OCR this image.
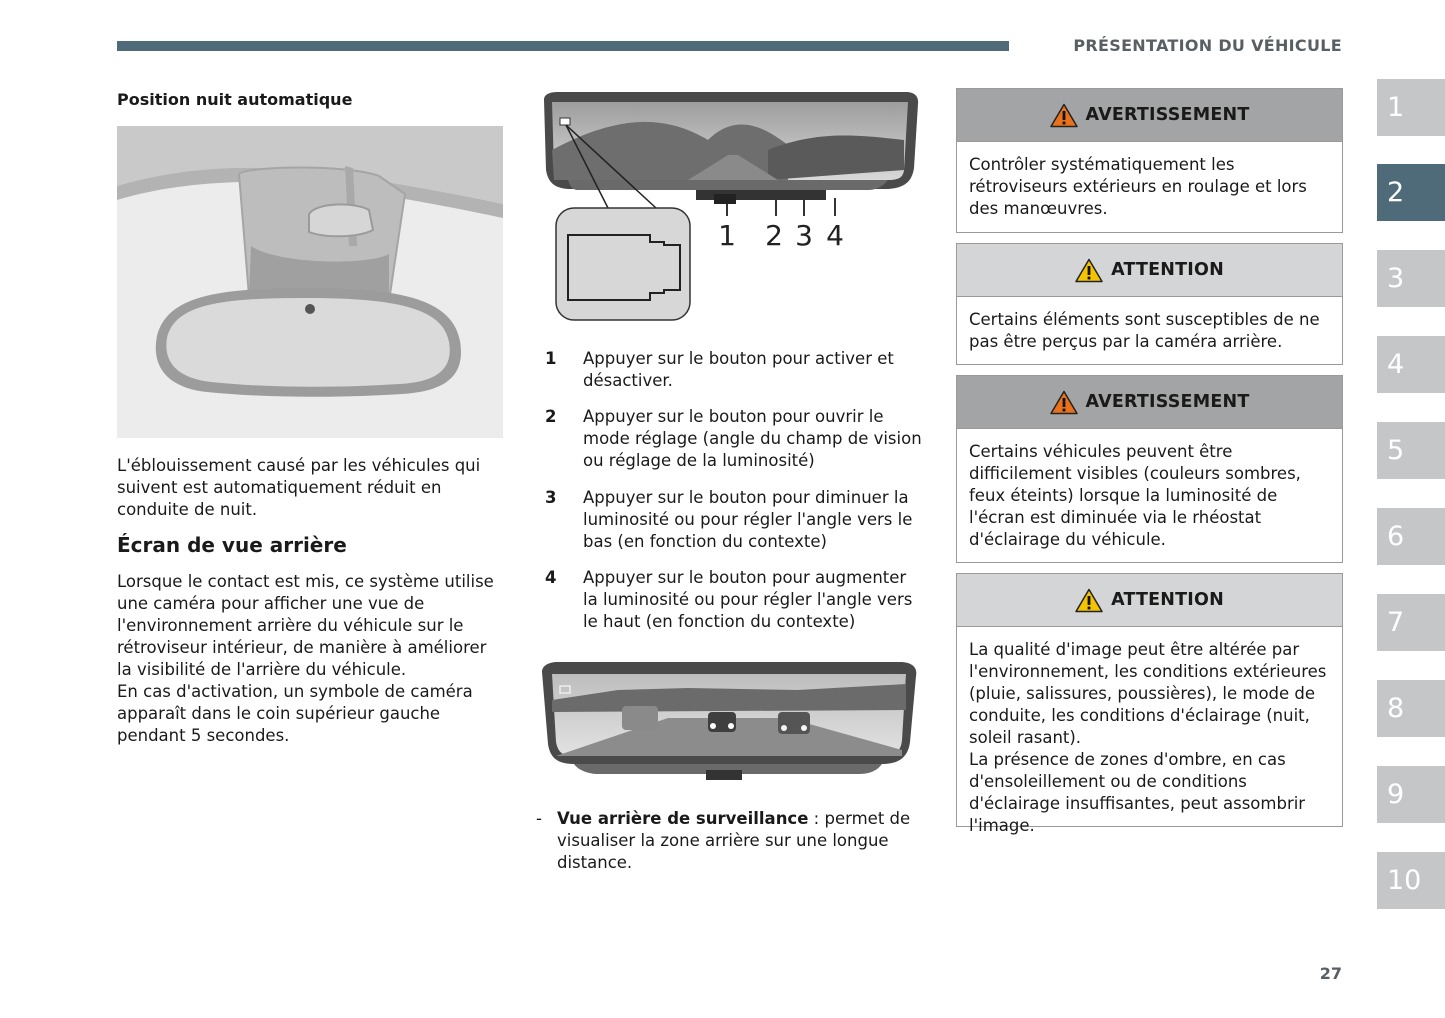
PRÉSENTATION DU VÉHICULE
1
2
3
4
5
6
7
8
9
10
Position nuit automatique
L'éblouissement causé par les véhicules qui suivent est automatiquement réduit en conduite de nuit.
Écran de vue arrière
Lorsque le contact est mis, ce système utilise une caméra pour afficher une vue de l'environnement arrière du véhicule sur le rétroviseur intérieur, de manière à améliorer la visibilité de l'arrière du véhicule.
En cas d'activation, un symbole de caméra apparaît dans le coin supérieur gauche pendant 5 secondes.
1 2 3 4
1 Appuyer sur le bouton pour activer et désactiver.
2 Appuyer sur le bouton pour ouvrir le mode réglage (angle du champ de vision ou réglage de la luminosité)
3 Appuyer sur le bouton pour diminuer la luminosité ou pour régler l'angle vers le bas (en fonction du contexte)
4 Appuyer sur le bouton pour augmenter la luminosité ou pour régler l'angle vers le haut (en fonction du contexte)
- Vue arrière de surveillance : permet de visualiser la zone arrière sur une longue distance.
AVERTISSEMENT
Contrôler systématiquement les rétroviseurs extérieurs en roulage et lors des manœuvres.
ATTENTION
Certains éléments sont susceptibles de ne pas être perçus par la caméra arrière.
AVERTISSEMENT
Certains véhicules peuvent être difficilement visibles (couleurs sombres, feux éteints) lorsque la luminosité de l'écran est diminuée via le rhéostat d'éclairage du véhicule.
ATTENTION
La qualité d'image peut être altérée par l'environnement, les conditions extérieures (pluie, salissures, poussières), le mode de conduite, les conditions d'éclairage (nuit, soleil rasant).
La présence de zones d'ombre, en cas d'ensoleillement ou de conditions d'éclairage insuffisantes, peut assombrir l'image.
27
